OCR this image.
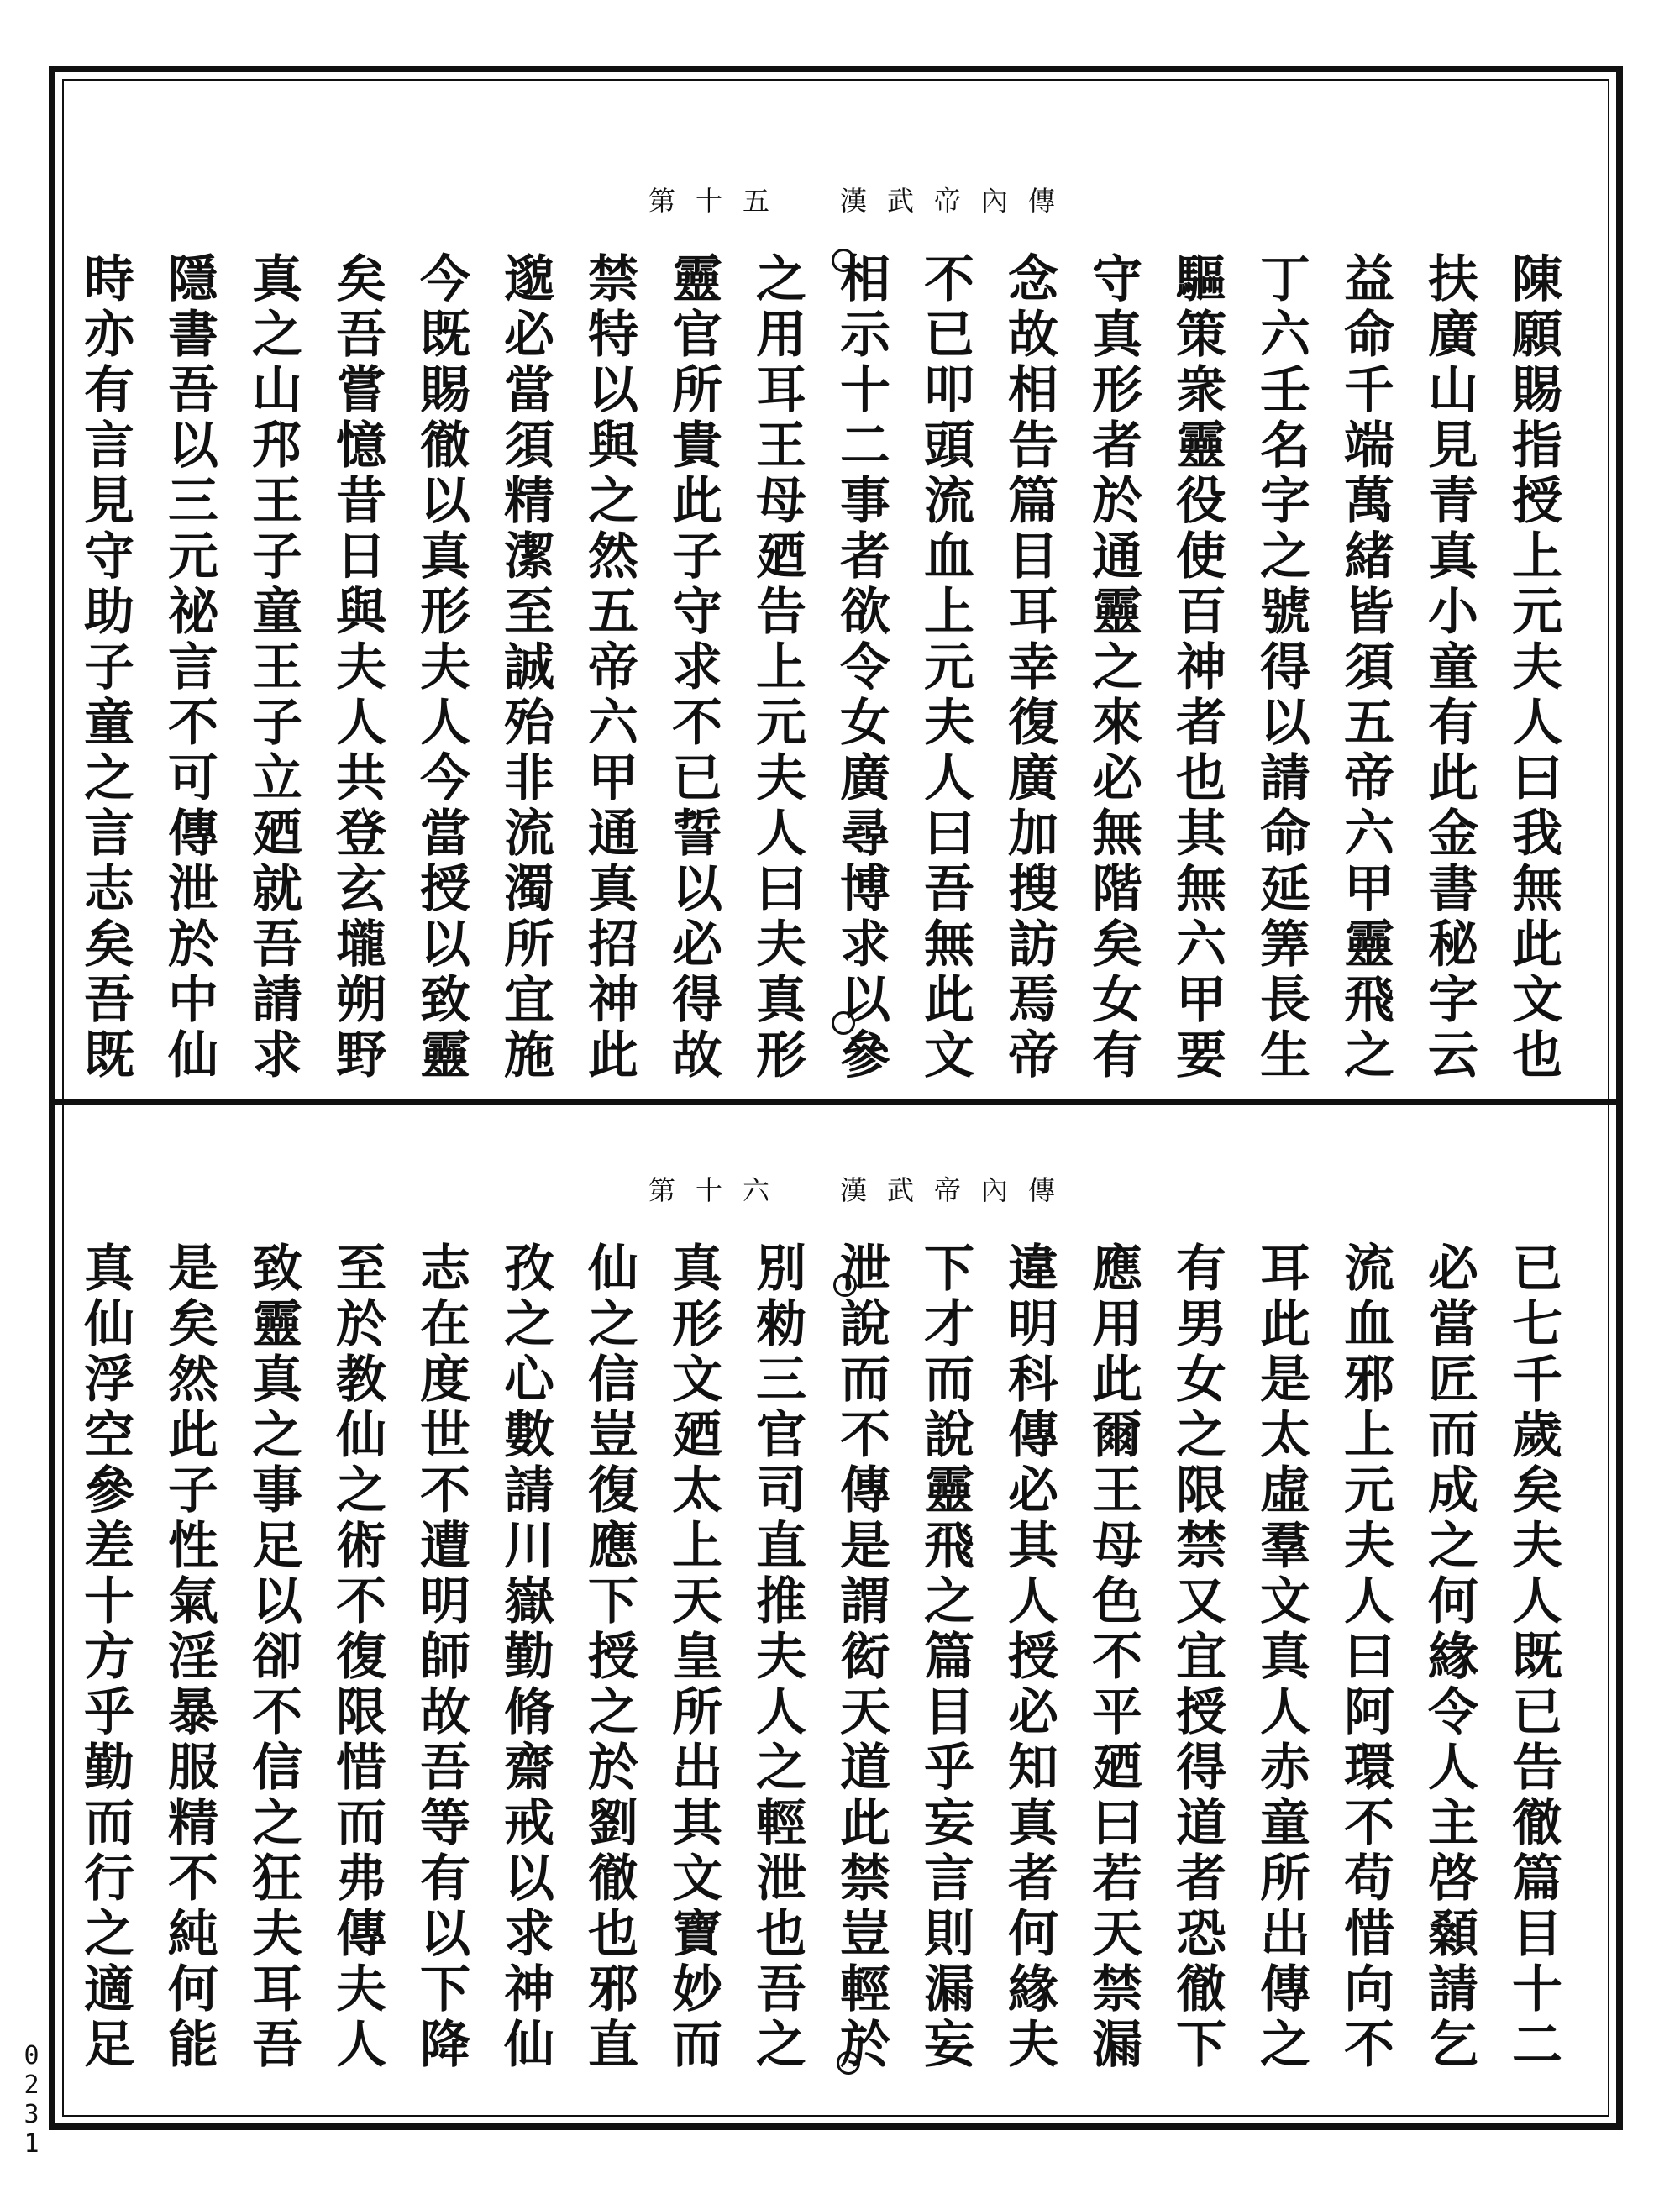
漢武帝內傳
第十五
陳願賜指授上元夫人曰我無此文也
扶廣山見青真小童有此金書秘字云
益命千端萬緒皆須五帝六甲靈飛之
丁六壬名字之號得以請命延筭長生
驅策衆靈役使百神者也其無六甲要
守真形者於通靈之來必無階矣女有
念故相告篇目耳幸復廣加搜訪焉帝
不已叩頭流血上元夫人曰吾無此文
相示十二事者欲令女廣尋博求以參
之用耳王母廼告上元夫人曰夫真形
靈官所貴此子守求不已誓以必得故
禁特以與之然五帝六甲通真招神此
邈必當須精潔至誠殆非流濁所宜施
今既賜徹以真形夫人今當授以致靈
矣吾嘗憶昔日與夫人共登玄壠朔野
真之山䢴王子童王子立廼就吾請求
隱書吾以三元祕言不可傳泄於中仙
時亦有言見守助子童之言志矣吾既
漢武帝內傳
第十六
已七千歲矣夫人既已告徹篇目十二
必當匠而成之何緣令人主啓顙請乞
流血邪上元夫人曰阿環不苟惜向不
耳此是太虛羣文真人赤童所出傳之
有男女之限禁又宜授得道者恐徹下
應用此爾王母色不平廼曰若天禁漏
違明科傳必其人授必知真者何緣夫
下才而說靈飛之篇目乎妄言則漏妄
泄說而不傳是謂衒天道此禁豈輕於
別勑三官司直推夫人之輕泄也吾之
真形文廼太上天皇所出其文寶妙而
仙之信豈復應下授之於劉徹也邪直
孜之心數請川嶽勤脩齋戒以求神仙
志在度世不遭明師故吾等有以下降
至於教仙之術不復限惜而弗傳夫人
致靈真之事足以卻不信之狂夫耳吾
是矣然此子性氣淫暴服精不純何能
真仙浮空參差十方乎勤而行之適足
0231
